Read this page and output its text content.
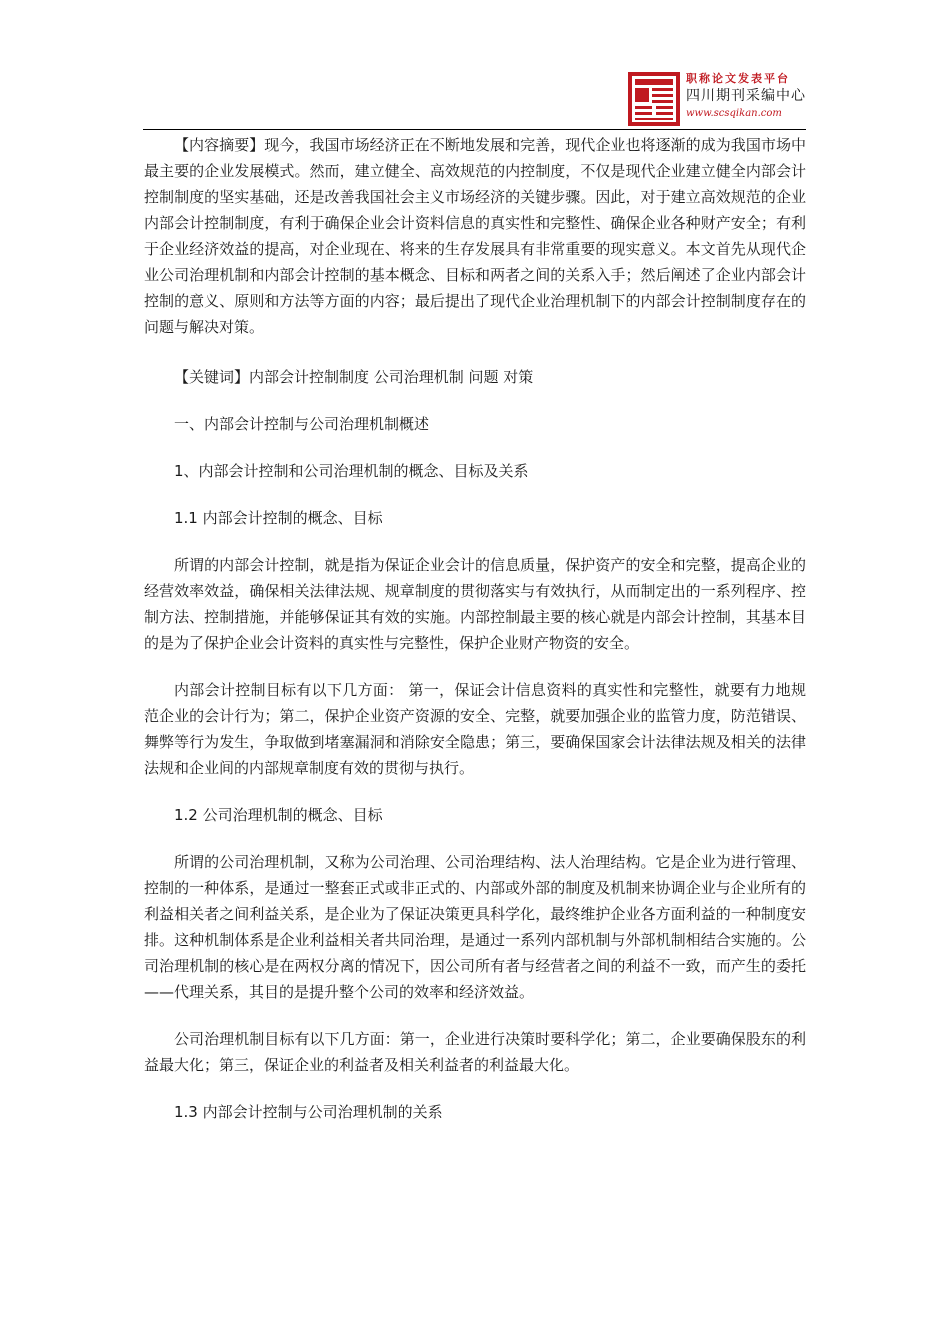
职称论文发表平台
四川期刊采编中心
www.scsqikan.com

【内容摘要】现今，我国市场经济正在不断地发展和完善，现代企业也将逐渐的成为我国市场中最主要的企业发展模式。然而，建立健全、高效规范的内控制度，不仅是现代企业建立健全内部会计控制制度的坚实基础，还是改善我国社会主义市场经济的关键步骤。因此，对于建立高效规范的企业内部会计控制制度，有利于确保企业会计资料信息的真实性和完整性、确保企业各种财产安全；有利于企业经济效益的提高，对企业现在、将来的生存发展具有非常重要的现实意义。本文首先从现代企业公司治理机制和内部会计控制的基本概念、目标和两者之间的关系入手；然后阐述了企业内部会计控制的意义、原则和方法等方面的内容；最后提出了现代企业治理机制下的内部会计控制制度存在的问题与解决对策。

【关键词】内部会计控制制度 公司治理机制 问题 对策

一、内部会计控制与公司治理机制概述

1、内部会计控制和公司治理机制的概念、目标及关系

1.1 内部会计控制的概念、目标

所谓的内部会计控制，就是指为保证企业会计的信息质量，保护资产的安全和完整，提高企业的经营效率效益，确保相关法律法规、规章制度的贯彻落实与有效执行，从而制定出的一系列程序、控制方法、控制措施，并能够保证其有效的实施。内部控制最主要的核心就是内部会计控制，其基本目的是为了保护企业会计资料的真实性与完整性，保护企业财产物资的安全。

内部会计控制目标有以下几方面： 第一，保证会计信息资料的真实性和完整性，就要有力地规范企业的会计行为；第二，保护企业资产资源的安全、完整，就要加强企业的监管力度，防范错误、舞弊等行为发生，争取做到堵塞漏洞和消除安全隐患；第三，要确保国家会计法律法规及相关的法律法规和企业间的内部规章制度有效的贯彻与执行。

1.2 公司治理机制的概念、目标

所谓的公司治理机制，又称为公司治理、公司治理结构、法人治理结构。它是企业为进行管理、控制的一种体系，是通过一整套正式或非正式的、内部或外部的制度及机制来协调企业与企业所有的利益相关者之间利益关系，是企业为了保证决策更具科学化，最终维护企业各方面利益的一种制度安排。这种机制体系是企业利益相关者共同治理，是通过一系列内部机制与外部机制相结合实施的。公司治理机制的核心是在两权分离的情况下，因公司所有者与经营者之间的利益不一致，而产生的委托——代理关系，其目的是提升整个公司的效率和经济效益。

公司治理机制目标有以下几方面：第一，企业进行决策时要科学化；第二，企业要确保股东的利益最大化；第三，保证企业的利益者及相关利益者的利益最大化。

1.3 内部会计控制与公司治理机制的关系
